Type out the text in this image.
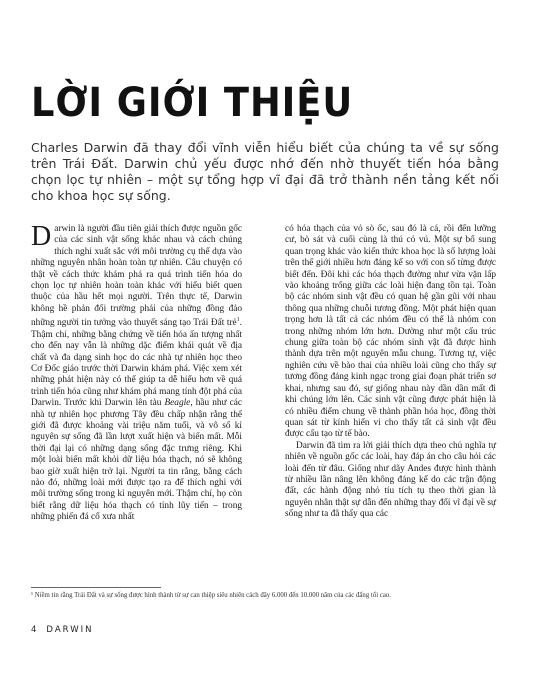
LỜI GIỚI THIỆU
Charles Darwin đã thay đổi vĩnh viễn hiểu biết của chúng ta về sự sống trên Trái Đất. Darwin chủ yếu được nhớ đến nhờ thuyết tiến hóa bằng chọn lọc tự nhiên – một sự tổng hợp vĩ đại đã trở thành nền tảng kết nối cho khoa học sự sống.

Darwin là người đầu tiên giải thích được nguồn gốc của các sinh vật sống khác nhau và cách chúng thích nghi xuất sắc với môi trường cụ thể dựa vào những nguyên nhân hoàn toàn tự nhiên. Câu chuyện có thật về cách thức khám phá ra quá trình tiến hóa do chọn lọc tự nhiên hoàn toàn khác với hiểu biết quen thuộc của hầu hết mọi người. Trên thực tế, Darwin không hề phản đối trường phái của những đồng đảo những người tin tưởng vào thuyết sáng tạo Trái Đất trẻ$^1$. Thậm chí, những bằng chứng về tiến hóa ấn tượng nhất cho đến nay vẫn là những dặc điểm khái quát về địa chất và đa dạng sinh học do các nhà tự nhiên học theo Cơ Đốc giáo trước thời Darwin khám phá. Việc xem xét những phát hiện này có thể giúp ta dễ hiểu hơn về quá trình tiến hóa cũng như khám phá mang tính đột phá của Darwin. Trước khi Darwin lên tàu Beagle, hầu như các nhà tự nhiên học phương Tây đều chấp nhận rằng thế giới đã được khoảng vài triệu năm tuổi, và vô số kỉ nguyên sự sống đã lần lượt xuất hiện và biến mất. Mỗi thời đại lại có những dạng sống đặc trưng riêng. Khi một loài biến mất khỏi dữ liệu hóa thạch, nó sẽ không bao giờ xuất hiện trở lại. Người ta tin rằng, bằng cách nào đó, những loài mới được tạo ra để thích nghi với môi trường sống trong kỉ nguyên mới. Thậm chí, họ còn biết rằng dữ liệu hóa thạch có tính lũy tiến – trong những phiến đá cổ xưa nhất

có hóa thạch của vỏ sò ốc, sau đó là cá, rồi đến lưỡng cư, bò sát và cuối cùng là thú có vú. Một sự bổ sung quan trọng khác vào kiến thức khoa học là số lượng loài trên thế giới nhiều hơn đáng kể so với con số từng được biết đến. Đôi khi các hóa thạch đường như vừa vặn lấp vào khoảng trống giữa các loài hiện đang tồn tại. Toàn bộ các nhóm sinh vật đều có quan hệ gần gũi với nhau thông qua những chuỗi tương đồng. Một phát hiện quan trọng hơn là tất cả các nhóm đều có thể là nhóm con trong những nhóm lớn hơn. Dường như một cấu trúc chung giữa toàn bộ các nhóm sinh vật đã được hình thành dựa trên một nguyên mẫu chung. Tương tự, việc nghiên cứu về bào thai của nhiều loài cũng cho thấy sự tương đồng đáng kinh ngạc trong giai đoạn phát triển sơ khai, nhưng sau đó, sự giống nhau này dần dần mất đi khi chúng lớn lên. Các sinh vật cũng được phát hiện là có nhiều điểm chung về thành phần hóa học, đồng thời quan sát từ kính hiển vi cho thấy tất cả sinh vật đều được cấu tạo từ tế bào.

Darwin đã tìm ra lời giải thích dựa theo chủ nghĩa tự nhiên về nguồn gốc các loài, hay đáp án cho câu hỏi các loài đến từ đâu. Giống như dãy Andes được hình thành từ nhiều lần nâng lên không đáng kể do các trận động đất, các hành động nhỏ tíu tích tụ theo thời gian là nguyên nhân thật sự dẫn đến những thay đổi vĩ đại về sự sống như ta đã thấy qua các

¹ Niềm tin rằng Trái Đất và sự sống được hình thành từ sự can thiệp siêu nhiên cách đây 6.000 đến 10.000 năm của các đấng tối cao.
4 DARWIN
